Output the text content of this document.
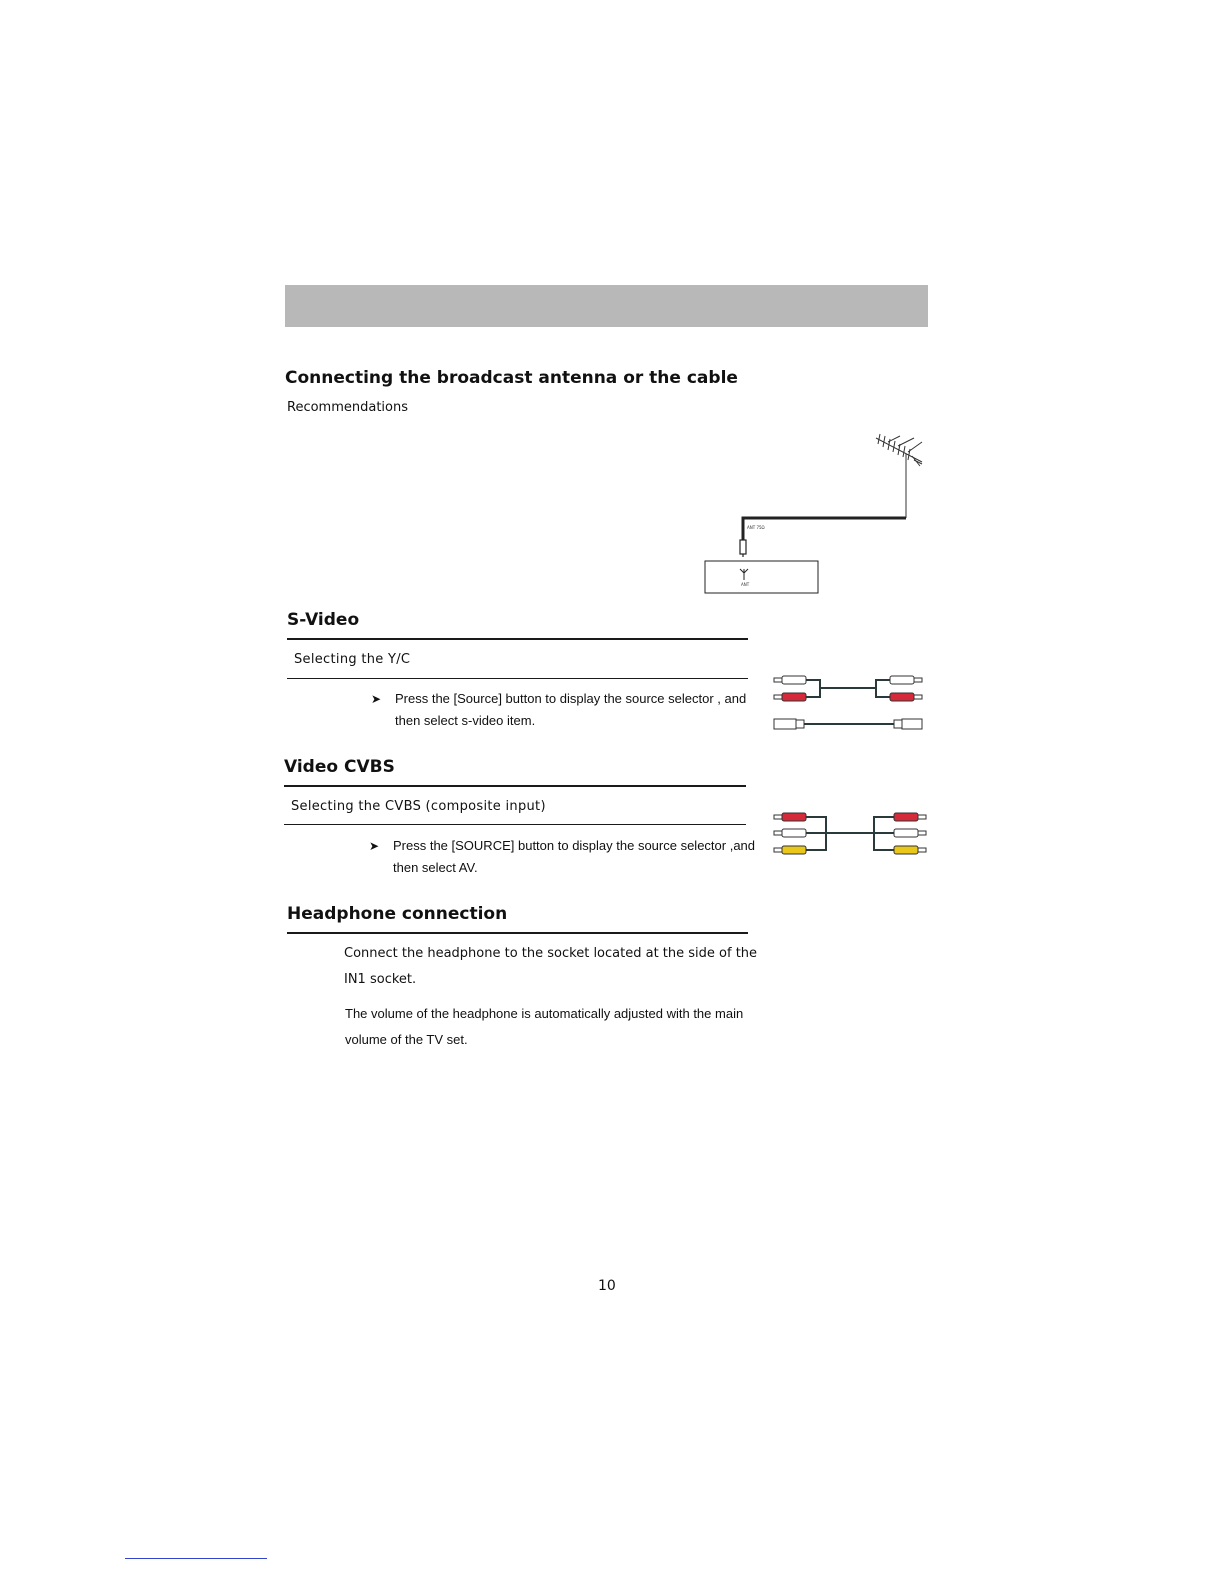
Connecting the broadcast antenna or the cable
Recommendations
ANT 75Ω
ANT
S-Video
Selecting the Y/C
➤ Press the [Source] button to display the source selector , and
then select s-video item.
Video CVBS
Selecting the CVBS (composite input)
➤ Press the [SOURCE] button to display the source selector ,and
then select AV.
Headphone connection
Connect the headphone to the socket located at the side of the
IN1 socket.
The volume of the headphone is automatically adjusted with the main
volume of the TV set.
10
